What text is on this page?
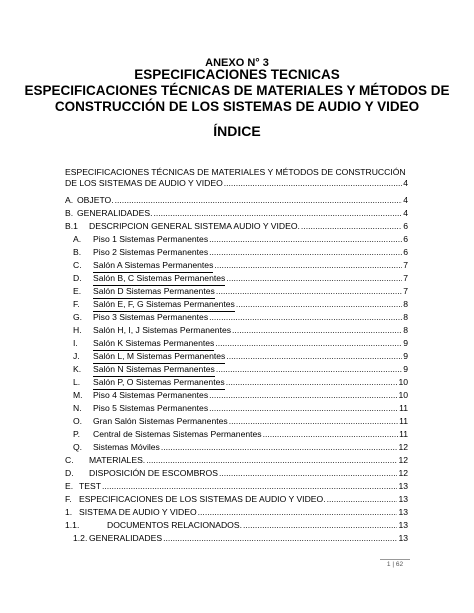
ANEXO N° 3
ESPECIFICACIONES TECNICAS
ESPECIFICACIONES TÉCNICAS DE MATERIALES Y MÉTODOS DE
CONSTRUCCIÓN DE LOS SISTEMAS DE AUDIO Y VIDEO
ÍNDICE
ESPECIFICACIONES TÉCNICAS DE MATERIALES Y MÉTODOS DE CONSTRUCCIÓN
DE LOS SISTEMAS DE AUDIO Y VIDEO .....	4
A. OBJETO. .....	4
B. GENERALIDADES. .....	4
B.1	DESCRIPCION GENERAL SISTEMA AUDIO Y VIDEO. .....	6
A.	Piso 1 Sistemas Permanentes .....	6
B.	Piso 2 Sistemas Permanentes .....	6
C.	Salón A Sistemas Permanentes .....	7
D.	Salón B, C Sistemas Permanentes .....	7
E.	Salón D Sistemas Permanentes .....	7
F.	Salón E, F, G Sistemas Permanentes .....	8
G.	Piso 3 Sistemas Permanentes .....	8
H.	Salón H, I, J Sistemas Permanentes .....	8
I.	Salón K Sistemas Permanentes .....	9
J.	Salón L, M Sistemas Permanentes .....	9
K.	Salón N Sistemas Permanentes .....	9
L.	Salón P, O Sistemas Permanentes .....	10
M.	Piso 4 Sistemas Permanentes .....	10
N.	Piso 5 Sistemas Permanentes .....	11
O.	Gran Salón Sistemas Permanentes .....	11
P.	Central de Sistemas Sistemas Permanentes .....	11
Q.	Sistemas Móviles .....	12
C.	MATERIALES. .....	12
D.	DISPOSICIÓN DE ESCOMBROS .....	12
E. TEST .....	13
F. ESPECIFICACIONES DE LOS SISTEMAS DE AUDIO Y VIDEO. .....	13
1. SISTEMA DE AUDIO Y VIDEO .....	13
1.1.	DOCUMENTOS RELACIONADOS. .....	13
1.2. GENERALIDADES .....	13
1 | 62
